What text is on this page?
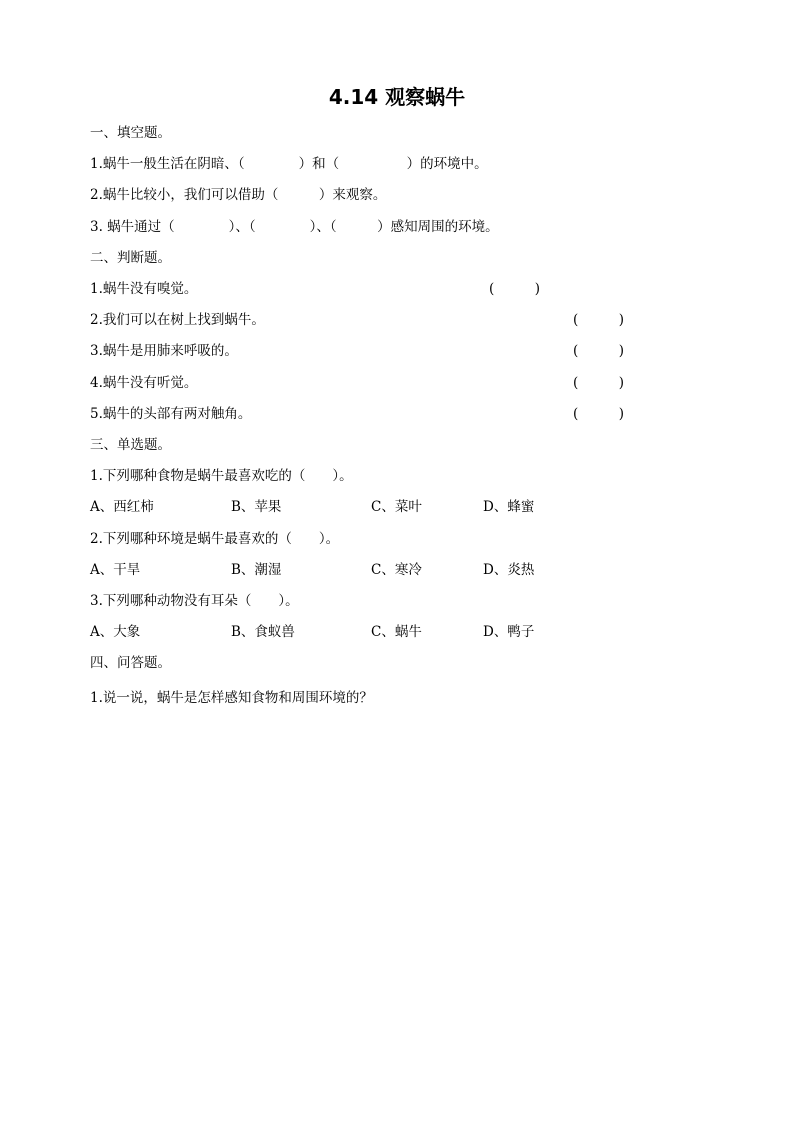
4.14 观察蜗牛
一、填空题。
1.蜗牛一般生活在阴暗、（　　　　）和（　　　　　）的环境中。
2.蜗牛比较小，我们可以借助（　　　）来观察。
3. 蜗牛通过（　　　　）、（　　　　）、（　　　）感知周围的环境。
二、判断题。
1.蜗牛没有嗅觉。	(　　　)
2.我们可以在树上找到蜗牛。	(　　　)
3.蜗牛是用肺来呼吸的。	(　　　)
4.蜗牛没有听觉。	(　　　)
5.蜗牛的头部有两对触角。	(　　　)
三、单选题。
1.下列哪种食物是蜗牛最喜欢吃的（　　）。
A、西红柿	B、苹果	C、菜叶	D、蜂蜜
2.下列哪种环境是蜗牛最喜欢的（　　）。
A、干旱	B、潮湿	C、寒冷	D、炎热
3.下列哪种动物没有耳朵（　　）。
A、大象	B、食蚁兽	C、蜗牛	D、鸭子
四、问答题。
1.说一说，蜗牛是怎样感知食物和周围环境的？
